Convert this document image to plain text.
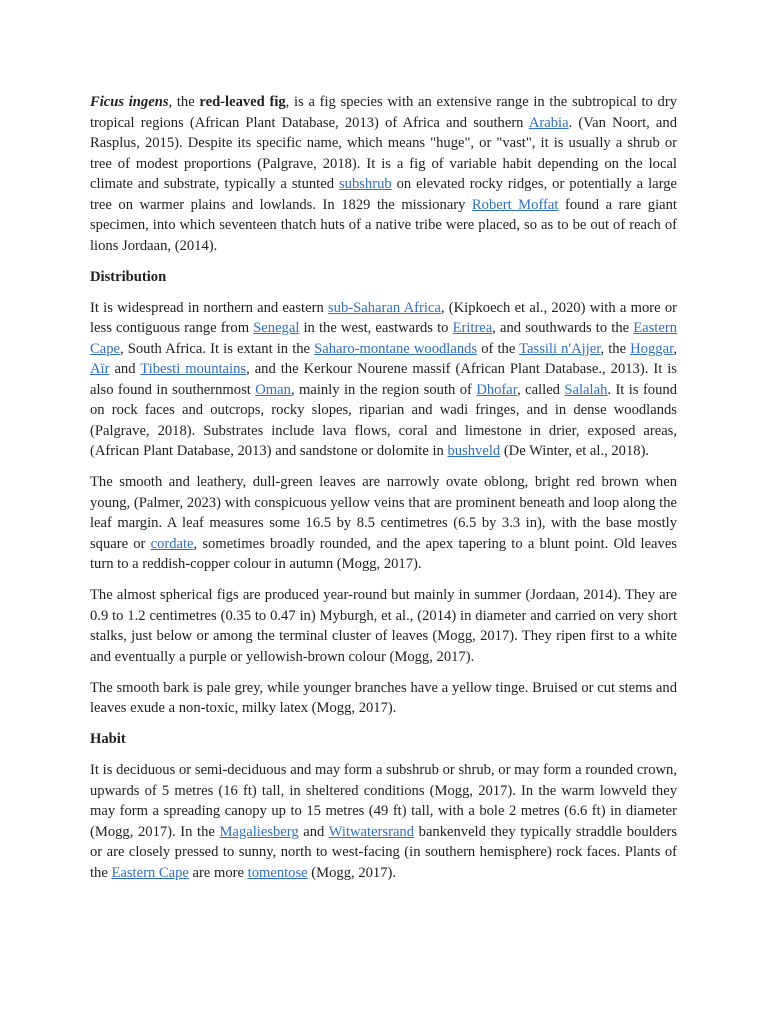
Ficus ingens, the red-leaved fig, is a fig species with an extensive range in the subtropical to dry tropical regions (African Plant Database, 2013) of Africa and southern Arabia. (Van Noort, and Rasplus, 2015). Despite its specific name, which means "huge", or "vast", it is usually a shrub or tree of modest proportions (Palgrave, 2018). It is a fig of variable habit depending on the local climate and substrate, typically a stunted subshrub on elevated rocky ridges, or potentially a large tree on warmer plains and lowlands. In 1829 the missionary Robert Moffat found a rare giant specimen, into which seventeen thatch huts of a native tribe were placed, so as to be out of reach of lions Jordaan, (2014).

Distribution

It is widespread in northern and eastern sub-Saharan Africa, (Kipkoech et al., 2020) with a more or less contiguous range from Senegal in the west, eastwards to Eritrea, and southwards to the Eastern Cape, South Africa. It is extant in the Saharo-montane woodlands of the Tassili n'Ajjer, the Hoggar, Aïr and Tibesti mountains, and the Kerkour Nourene massif (African Plant Database., 2013). It is also found in southernmost Oman, mainly in the region south of Dhofar, called Salalah. It is found on rock faces and outcrops, rocky slopes, riparian and wadi fringes, and in dense woodlands (Palgrave, 2018). Substrates include lava flows, coral and limestone in drier, exposed areas, (African Plant Database, 2013) and sandstone or dolomite in bushveld (De Winter, et al., 2018).

The smooth and leathery, dull-green leaves are narrowly ovate oblong, bright red brown when young, (Palmer, 2023) with conspicuous yellow veins that are prominent beneath and loop along the leaf margin. A leaf measures some 16.5 by 8.5 centimetres (6.5 by 3.3 in), with the base mostly square or cordate, sometimes broadly rounded, and the apex tapering to a blunt point. Old leaves turn to a reddish-copper colour in autumn (Mogg, 2017).

The almost spherical figs are produced year-round but mainly in summer (Jordaan, 2014). They are 0.9 to 1.2 centimetres (0.35 to 0.47 in) Myburgh, et al., (2014) in diameter and carried on very short stalks, just below or among the terminal cluster of leaves (Mogg, 2017). They ripen first to a white and eventually a purple or yellowish-brown colour (Mogg, 2017).

The smooth bark is pale grey, while younger branches have a yellow tinge. Bruised or cut stems and leaves exude a non-toxic, milky latex (Mogg, 2017).

Habit

It is deciduous or semi-deciduous and may form a subshrub or shrub, or may form a rounded crown, upwards of 5 metres (16 ft) tall, in sheltered conditions (Mogg, 2017). In the warm lowveld they may form a spreading canopy up to 15 metres (49 ft) tall, with a bole 2 metres (6.6 ft) in diameter (Mogg, 2017). In the Magaliesberg and Witwatersrand bankenveld they typically straddle boulders or are closely pressed to sunny, north to west-facing (in southern hemisphere) rock faces. Plants of the Eastern Cape are more tomentose (Mogg, 2017).
